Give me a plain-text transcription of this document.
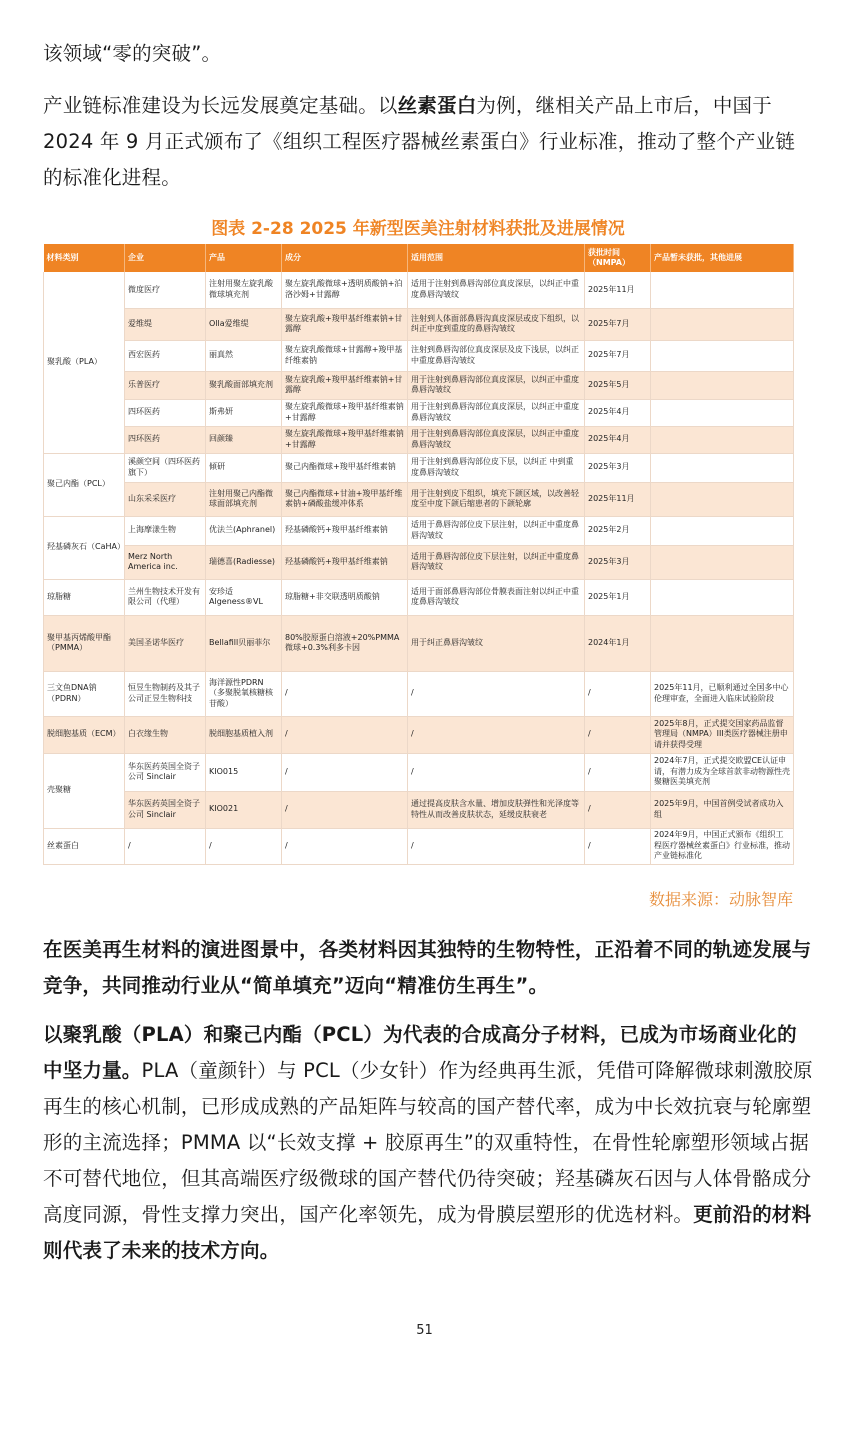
该领域“零的突破”。

产业链标准建设为长远发展奠定基础。以丝素蛋白为例，继相关产品上市后，中国于 2024 年 9 月正式颁布了《组织工程医疗器械丝素蛋白》行业标准，推动了整个产业链的标准化进程。

图表 2-28 2025 年新型医美注射材料获批及进展情况

材料类别	企业	产品	成分	适用范围	获批时间（NMPA）	产品暂未获批，其他进展
聚乳酸（PLA）	微度医疗	注射用聚左旋乳酸微球填充剂	聚左旋乳酸微球+透明质酸钠+泊洛沙姆+甘露醇	适用于注射到鼻唇沟部位真皮深层，以纠正中重度鼻唇沟皱纹	2025年11月	
	爱维缇	Olla爱维缇	聚左旋乳酸+羧甲基纤维素钠+甘露醇	注射到人体面部鼻唇沟真皮深层或皮下组织，以纠正中度到重度的鼻唇沟皱纹	2025年7月	
	西宏医药	丽真然	聚左旋乳酸微球+甘露醇+羧甲基纤维素钠	注射到鼻唇沟部位真皮深层及皮下浅层，以纠正中重度鼻唇沟皱纹	2025年7月	
	乐普医疗	聚乳酸面部填充剂	聚左旋乳酸+羧甲基纤维素钠+甘露醇	用于注射到鼻唇沟部位真皮深层，以纠正中重度鼻唇沟皱纹	2025年5月	
	四环医药	斯弗妍	聚左旋乳酸微球+羧甲基纤维素钠+甘露醇	用于注射到鼻唇沟部位真皮深层，以纠正中重度鼻唇沟皱纹	2025年4月	
	四环医药	回颜臻	聚左旋乳酸微球+羧甲基纤维素钠+甘露醇	用于注射到鼻唇沟部位真皮深层，以纠正中重度鼻唇沟皱纹	2025年4月	
聚己内酯（PCL）	溪颜空间（四环医药旗下）	傾研	聚己内酯微球+羧甲基纤维素钠	用于注射到鼻唇沟部位皮下层，以纠正 中到重度鼻唇沟皱纹	2025年3月	
	山东采采医疗	注射用聚己内酯微球面部填充剂	聚己内酯微球+甘油+羧甲基纤维素钠+磷酸盐缓冲体系	用于注射到皮下组织，填充下颌区域，以改善轻度至中度下颌后缩患者的下颌轮廓	2025年11月	
羟基磷灰石（CaHA）	上海摩漾生物	优法兰(Aphranel)	羟基磷酸钙+羧甲基纤维素钠	适用于鼻唇沟部位皮下层注射，以纠正中重度鼻唇沟皱纹	2025年2月	
	Merz North America inc.	瑞德喜(Radiesse)	羟基磷酸钙+羧甲基纤维素钠	适用于鼻唇沟部位皮下层注射，以纠正中重度鼻唇沟皱纹	2025年3月	
琼脂糖	兰州生物技术开发有限公司（代理）	安珍适 Algeness®VL	琼脂糖+非交联透明质酸钠	适用于面部鼻唇沟部位骨膜表面注射以纠正中重度鼻唇沟皱纹	2025年1月	
聚甲基丙烯酸甲酯（PMMA）	美国圣诺华医疗	Bellafill贝丽菲尔	80%胶原蛋白溶液+20%PMMA微球+0.3%利多卡因	用于纠正鼻唇沟皱纹	2024年1月	
三文鱼DNA钠（PDRN）	恒昱生物制药及其子公司正昱生物科技	海洋源性PDRN（多聚脱氧核糖核苷酸）	/	/	/	2025年11月，已顺利通过全国多中心伦理审查，全面进入临床试验阶段
脱细胞基质（ECM）	白衣缘生物	脱细胞基质植入剂	/	/	/	2025年8月，正式提交国家药品监督管理局（NMPA）III类医疗器械注册申请并获得受理
壳聚糖	华东医药英国全资子公司 Sinclair	KIO015	/	/	/	2024年7月，正式提交欧盟CE认证申请，有潜力成为全球首款非动物源性壳聚糖医美填充剂
	华东医药英国全资子公司 Sinclair	KIO021	/	通过提高皮肤含水量、增加皮肤弹性和光泽度等特性从而改善皮肤状态，延缓皮肤衰老	/	2025年9月，中国首例受试者成功入组
丝素蛋白	/	/	/	/	/	2024年9月，中国正式颁布《组织工程医疗器械丝素蛋白》行业标准，推动产业链标准化
数据来源：动脉智库

在医美再生材料的演进图景中，各类材料因其独特的生物特性，正沿着不同的轨迹发展与竞争，共同推动行业从“简单填充”迈向“精准仿生再生”。

以聚乳酸（PLA）和聚己内酯（PCL）为代表的合成高分子材料，已成为市场商业化的中坚力量。PLA（童颜针）与 PCL（少女针）作为经典再生派，凭借可降解微球刺激胶原再生的核心机制，已形成成熟的产品矩阵与较高的国产替代率，成为中长效抗衰与轮廓塑形的主流选择；PMMA 以“长效支撑 + 胶原再生”的双重特性，在骨性轮廓塑形领域占据不可替代地位，但其高端医疗级微球的国产替代仍待突破；羟基磷灰石因与人体骨骼成分高度同源，骨性支撑力突出，国产化率领先，成为骨膜层塑形的优选材料。更前沿的材料则代表了未来的技术方向。

51
